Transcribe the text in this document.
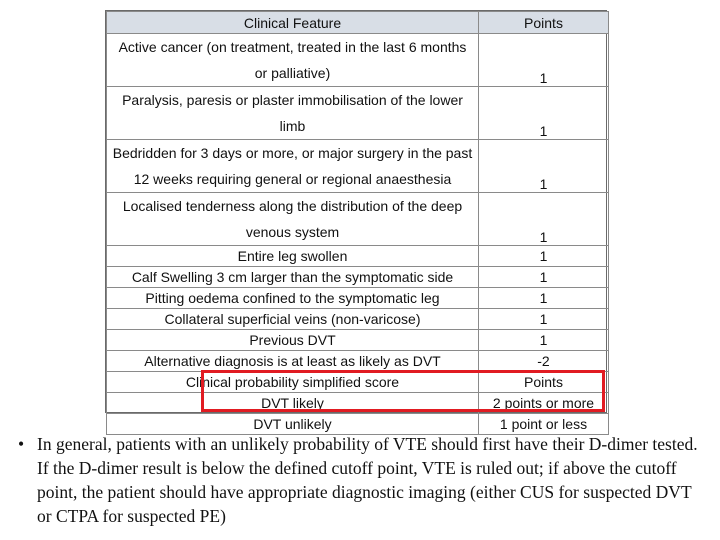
Clinical Feature	Points
Active cancer (on treatment, treated in the last 6 months or palliative)	1
Paralysis, paresis or plaster immobilisation of the lower limb	1
Bedridden for 3 days or more, or major surgery in the past 12 weeks requiring general or regional anaesthesia	1
Localised tenderness along the distribution of the deep venous system	1
Entire leg swollen	1
Calf Swelling 3 cm larger than the symptomatic side	1
Pitting oedema confined to the symptomatic leg	1
Collateral superficial veins (non-varicose)	1
Previous DVT	1
Alternative diagnosis is at least as likely as DVT	-2
Clinical probability simplified score	Points
DVT likely	2 points or more
DVT unlikely	1 point or less
• In general, patients with an unlikely probability of VTE should first have their D-dimer tested. If the D-dimer result is below the defined cutoff point, VTE is ruled out; if above the cutoff point, the patient should have appropriate diagnostic imaging (either CUS for suspected DVT or CTPA for suspected PE)
